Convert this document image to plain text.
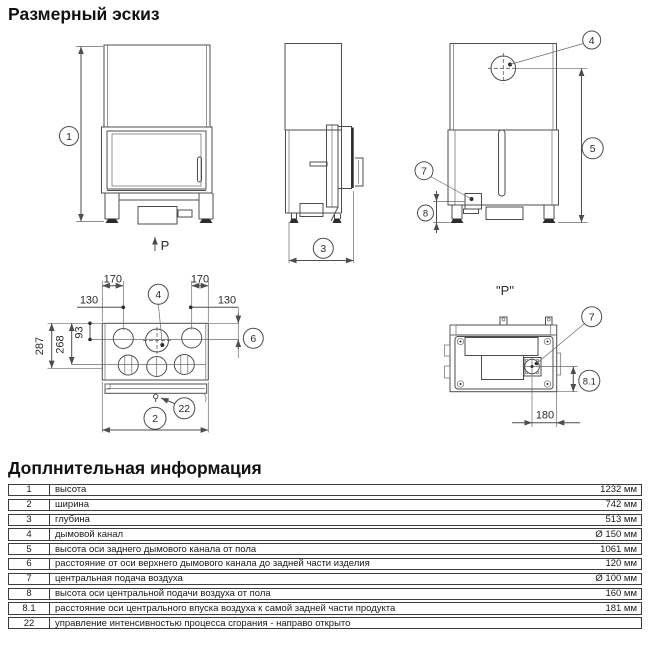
Размерный эскиз
1
P	3
4
5
7
8
170	170
130	130
287 268
93
6
4
2
22
"P"
7
8.1
180
Доплнительная информация
1	высота	1232 мм
2	ширина	742 мм
3	глубина	513 мм
4	дымовой канал	Ø 150 мм
5	высота оси заднего дымового канала от пола	1061 мм
6	расстояние от оси верхнего дымового канала до задней части изделия	120 мм
7	центральная подача воздуха	Ø 100 мм
8	высота оси центральной подачи воздуха от пола	160 мм
8.1	расстояние оси центрального впуска воздуха к самой задней части продукта	181 мм
22	управление интенсивностью процесса сгорания - направо открыто
